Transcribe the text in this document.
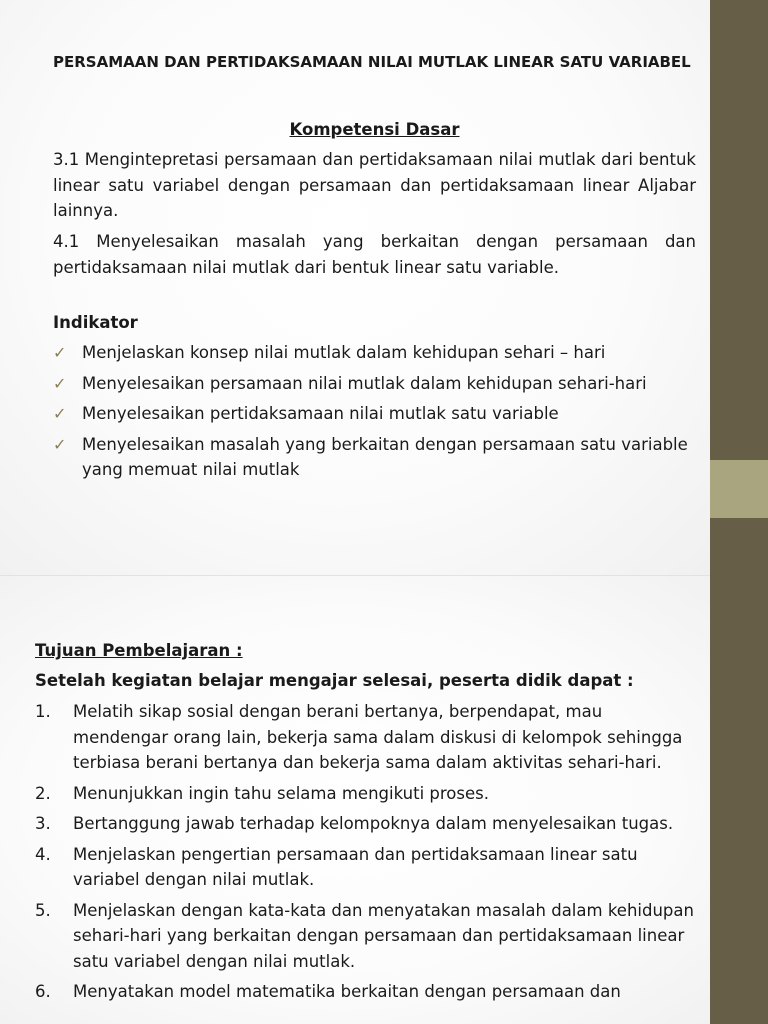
PERSAMAAN DAN PERTIDAKSAMAAN NILAI MUTLAK LINEAR SATU VARIABEL
Kompetensi Dasar
3.1 Mengintepretasi persamaan dan pertidaksamaan nilai mutlak dari bentuk linear satu variabel dengan persamaan dan pertidaksamaan linear Aljabar lainnya.
4.1 Menyelesaikan masalah yang berkaitan dengan persamaan dan pertidaksamaan nilai mutlak dari bentuk linear satu variable.
Indikator
✓ Menjelaskan konsep nilai mutlak dalam kehidupan sehari – hari
✓ Menyelesaikan persamaan nilai mutlak dalam kehidupan sehari-hari
✓ Menyelesaikan pertidaksamaan nilai mutlak satu variable
✓ Menyelesaikan masalah yang berkaitan dengan persamaan satu variable yang memuat nilai mutlak
Tujuan Pembelajaran :
Setelah kegiatan belajar mengajar selesai, peserta didik dapat :
1. Melatih sikap sosial dengan berani bertanya, berpendapat, mau mendengar orang lain, bekerja sama dalam diskusi di kelompok sehingga terbiasa berani bertanya dan bekerja sama dalam aktivitas sehari-hari.
2. Menunjukkan ingin tahu selama mengikuti proses.
3. Bertanggung jawab terhadap kelompoknya dalam menyelesaikan tugas.
4. Menjelaskan pengertian persamaan dan pertidaksamaan linear satu variabel dengan nilai mutlak.
5. Menjelaskan dengan kata-kata dan menyatakan masalah dalam kehidupan sehari-hari yang berkaitan dengan persamaan dan pertidaksamaan linear satu variabel dengan nilai mutlak.
6. Menyatakan model matematika berkaitan dengan persamaan dan
